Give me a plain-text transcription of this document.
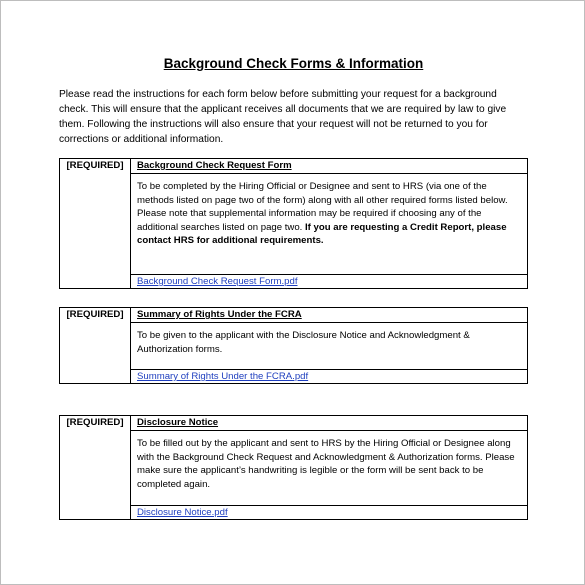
Background Check Forms & Information
Please read the instructions for each form below before submitting your request for a background check. This will ensure that the applicant receives all documents that we are required by law to give them. Following the instructions will also ensure that your request will not be returned to you for corrections or additional information.
[REQUIRED]	Background Check Request Form

To be completed by the Hiring Official or Designee and sent to HRS (via one of the methods listed on page two of the form) along with all other required forms listed below. Please note that supplemental information may be required if choosing any of the additional searches listed on page two. If you are requesting a Credit Report, please contact HRS for additional requirements.

Background Check Request Form.pdf
[REQUIRED]	Summary of Rights Under the FCRA

To be given to the applicant with the Disclosure Notice and Acknowledgment & Authorization forms.

Summary of Rights Under the FCRA.pdf
[REQUIRED]	Disclosure Notice

To be filled out by the applicant and sent to HRS by the Hiring Official or Designee along with the Background Check Request and Acknowledgment & Authorization forms. Please make sure the applicant’s handwriting is legible or the form will be sent back to be completed again.

Disclosure Notice.pdf
